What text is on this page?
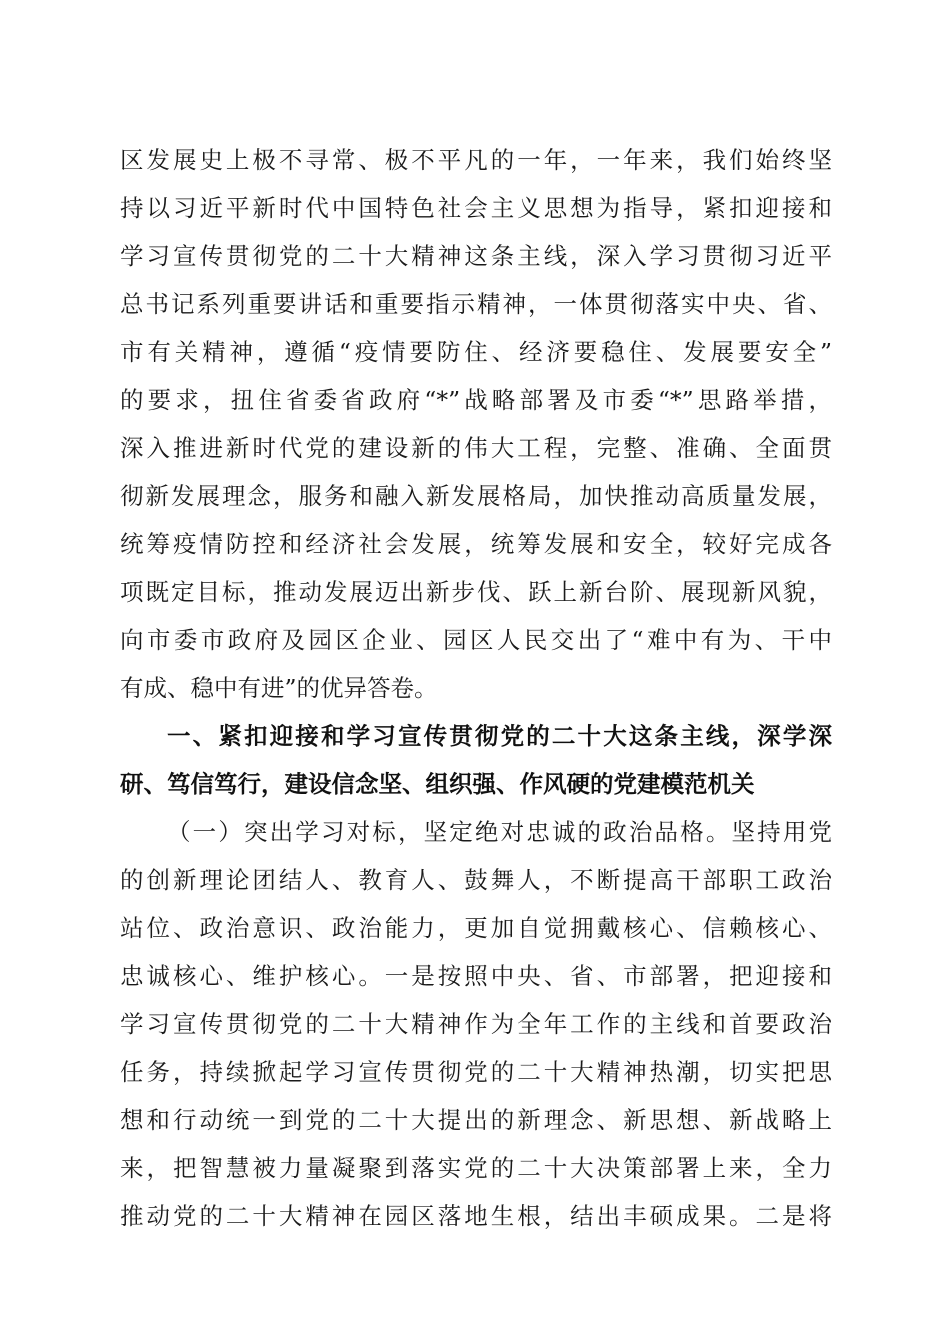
区发展史上极不寻常、极不平凡的一年，一年来，我们始终坚
持以习近平新时代中国特色社会主义思想为指导，紧扣迎接和
学习宣传贯彻党的二十大精神这条主线，深入学习贯彻习近平
总书记系列重要讲话和重要指示精神，一体贯彻落实中央、省、
市有关精神，遵循“疫情要防住、经济要稳住、发展要安全”
的要求，扭住省委省政府“*”战略部署及市委“*”思路举措，
深入推进新时代党的建设新的伟大工程，完整、准确、全面贯
彻新发展理念，服务和融入新发展格局，加快推动高质量发展，
统筹疫情防控和经济社会发展，统筹发展和安全，较好完成各
项既定目标，推动发展迈出新步伐、跃上新台阶、展现新风貌，
向市委市政府及园区企业、园区人民交出了“难中有为、干中
有成、稳中有进”的优异答卷。
一、紧扣迎接和学习宣传贯彻党的二十大这条主线，深学深
研、笃信笃行，建设信念坚、组织强、作风硬的党建模范机关
（一）突出学习对标，坚定绝对忠诚的政治品格。坚持用党
的创新理论团结人、教育人、鼓舞人，不断提高干部职工政治
站位、政治意识、政治能力，更加自觉拥戴核心、信赖核心、
忠诚核心、维护核心。一是按照中央、省、市部署，把迎接和
学习宣传贯彻党的二十大精神作为全年工作的主线和首要政治
任务，持续掀起学习宣传贯彻党的二十大精神热潮，切实把思
想和行动统一到党的二十大提出的新理念、新思想、新战略上
来，把智慧被力量凝聚到落实党的二十大决策部署上来，全力
推动党的二十大精神在园区落地生根，结出丰硕成果。二是将
